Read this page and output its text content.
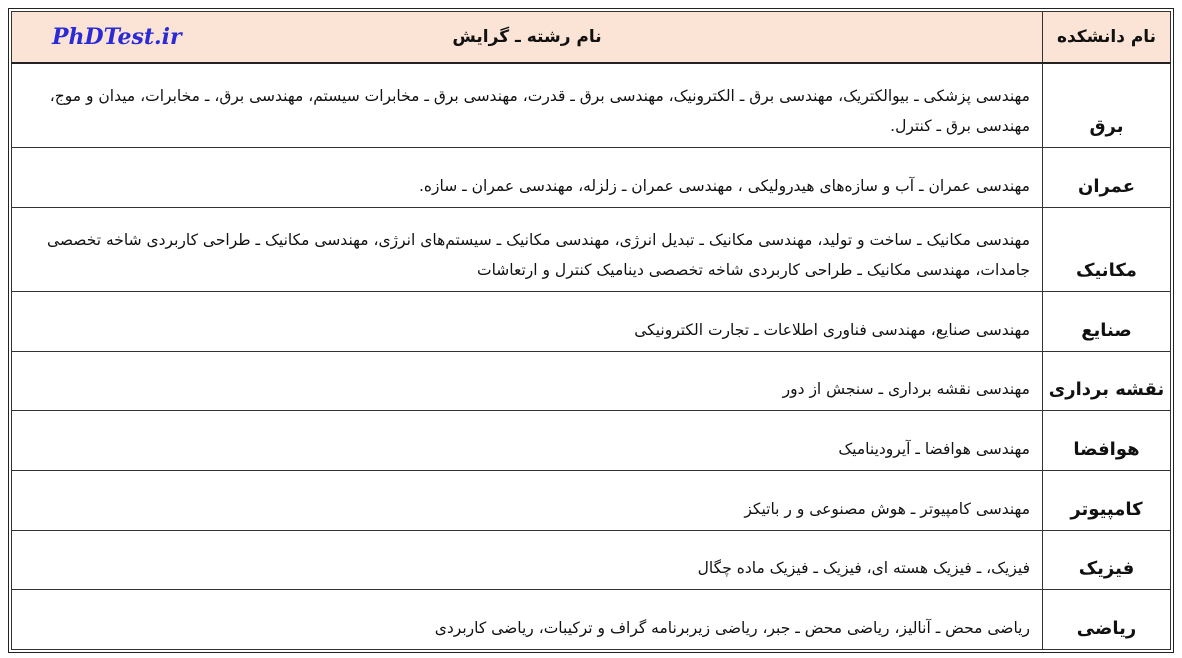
نام دانشکده	نام رشته ـ گرایش
PhDTest.ir

برق	مهندسی پزشکی ـ بیوالکتریک، مهندسی برق ـ الکترونیک، مهندسی برق ـ قدرت، مهندسی برق ـ مخابرات سیستم، مهندسی برق، ـ مخابرات، میدان و موج، مهندسی برق ـ کنترل.
عمران	مهندسی عمران ـ آب و سازه‌های هیدرولیکی ، مهندسی عمران ـ زلزله، مهندسی عمران ـ سازه.
مکانیک	مهندسی مکانیک ـ ساخت و تولید، مهندسی مکانیک ـ تبدیل انرژی، مهندسی مکانیک ـ سیستم‌های انرژی، مهندسی مکانیک ـ طراحی کاربردی شاخه تخصصی جامدات، مهندسی مکانیک ـ طراحی کاربردی شاخه تخصصی دینامیک کنترل و ارتعاشات
صنایع	مهندسی صنایع، مهندسی فناوری اطلاعات ـ تجارت الکترونیکی
نقشه برداری	مهندسی نقشه برداری ـ سنجش از دور
هوافضا	مهندسی هوافضا ـ آیرودینامیک
کامپیوتر	مهندسی کامپیوتر ـ هوش مصنوعی و ر باتیکز
فیزیک	فیزیک، ـ فیزیک هسته ای، فیزیک ـ فیزیک ماده چگال
ریاضی	ریاضی محض ـ آنالیز، ریاضی محض ـ جبر، ریاضی زیربرنامه گراف و ترکیبات، ریاضی کاربردی
